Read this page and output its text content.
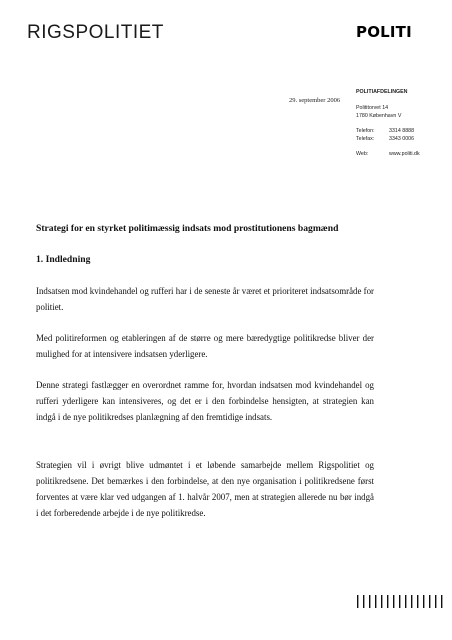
RIGSPOLITIET	POLITI
29. september 2006
POLITIAFDELINGEN
Polititorvet 14
1780 København V
Telefon:	3314 8888
Telefax:	3343 0006
Web:	www.politi.dk
Strategi for en styrket politimæssig indsats mod prostitutionens bagmænd
1. Indledning
Indsatsen mod kvindehandel og rufferi har i de seneste år været et prioriteret indsatsområde for politiet.
Med politireformen og etableringen af de større og mere bæredygtige politikredse bliver der mulighed for at intensivere indsatsen yderligere.
Denne strategi fastlægger en overordnet ramme for, hvordan indsatsen mod kvindehandel og rufferi yderligere kan intensiveres, og det er i den forbindelse hensigten, at strategien kan indgå i de nye politikredses planlægning af den fremtidige indsats.
Strategien vil i øvrigt blive udmøntet i et løbende samarbejde mellem Rigspolitiet og politikredsene. Det bemærkes i den forbindelse, at den nye organisation i politikredsene først forventes at være klar ved udgangen af 1. halvår 2007, men at strategien allerede nu bør indgå i det forberedende arbejde i de nye politikredse.
